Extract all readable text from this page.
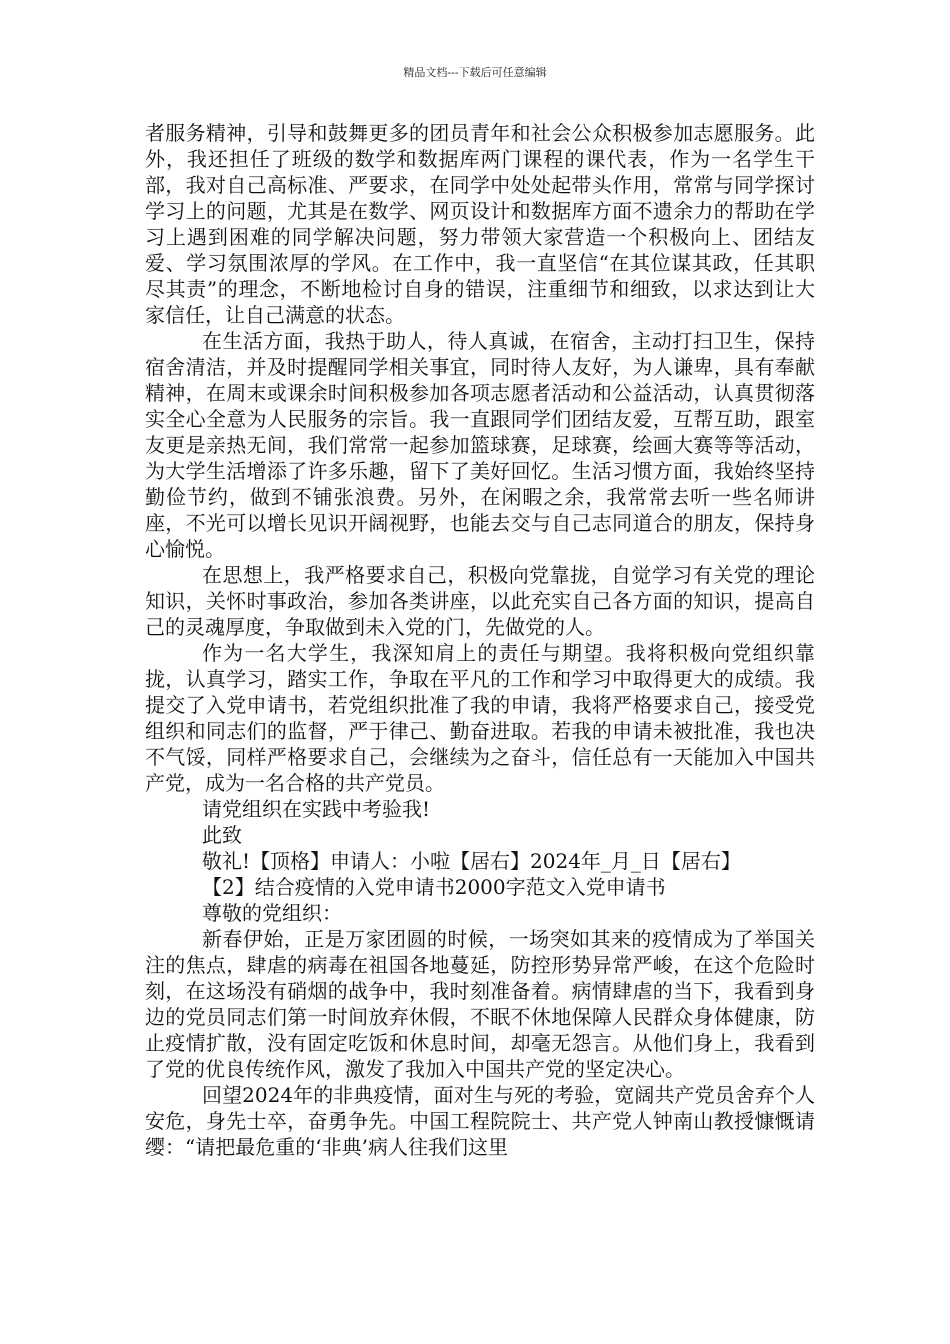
精品文档---下载后可任意编辑

者服务精神，引导和鼓舞更多的团员青年和社会公众积极参加志愿服务。此外，我还担任了班级的数学和数据库两门课程的课代表，作为一名学生干部，我对自己高标准、严要求，在同学中处处起带头作用，常常与同学探讨学习上的问题，尤其是在数学、网页设计和数据库方面不遗余力的帮助在学习上遇到困难的同学解决问题，努力带领大家营造一个积极向上、团结友爱、学习氛围浓厚的学风。在工作中，我一直坚信“在其位谋其政，任其职尽其责”的理念，不断地检讨自身的错误，注重细节和细致，以求达到让大家信任，让自己满意的状态。

在生活方面，我热于助人，待人真诚，在宿舍，主动打扫卫生，保持宿舍清洁，并及时提醒同学相关事宜，同时待人友好，为人谦卑，具有奉献精神，在周末或课余时间积极参加各项志愿者活动和公益活动，认真贯彻落实全心全意为人民服务的宗旨。我一直跟同学们团结友爱，互帮互助，跟室友更是亲热无间，我们常常一起参加篮球赛，足球赛，绘画大赛等等活动，为大学生活增添了许多乐趣，留下了美好回忆。生活习惯方面，我始终坚持勤俭节约，做到不铺张浪费。另外，在闲暇之余，我常常去听一些名师讲座，不光可以增长见识开阔视野，也能去交与自己志同道合的朋友，保持身心愉悦。

在思想上，我严格要求自己，积极向党靠拢，自觉学习有关党的理论知识，关怀时事政治，参加各类讲座，以此充实自己各方面的知识，提高自己的灵魂厚度，争取做到未入党的门，先做党的人。

作为一名大学生，我深知肩上的责任与期望。我将积极向党组织靠拢，认真学习，踏实工作，争取在平凡的工作和学习中取得更大的成绩。我提交了入党申请书，若党组织批准了我的申请，我将严格要求自己，接受党组织和同志们的监督，严于律己、勤奋进取。若我的申请未被批准，我也决不气馁，同样严格要求自己，会继续为之奋斗，信任总有一天能加入中国共产党，成为一名合格的共产党员。

请党组织在实践中考验我!

此致

敬礼!【顶格】申请人：小啦【居右】2024年_月_日【居右】

【2】结合疫情的入党申请书2000字范文入党申请书

尊敬的党组织：

新春伊始，正是万家团圆的时候，一场突如其来的疫情成为了举国关注的焦点，肆虐的病毒在祖国各地蔓延，防控形势异常严峻，在这个危险时刻，在这场没有硝烟的战争中，我时刻准备着。病情肆虐的当下，我看到身边的党员同志们第一时间放弃休假，不眠不休地保障人民群众身体健康，防止疫情扩散，没有固定吃饭和休息时间，却毫无怨言。从他们身上，我看到了党的优良传统作风，激发了我加入中国共产党的坚定决心。

回望2024年的非典疫情，面对生与死的考验，宽阔共产党员舍弃个人安危，身先士卒，奋勇争先。中国工程院院士、共产党人钟南山教授慷慨请缨：“请把最危重的‘非典’病人往我们这里
